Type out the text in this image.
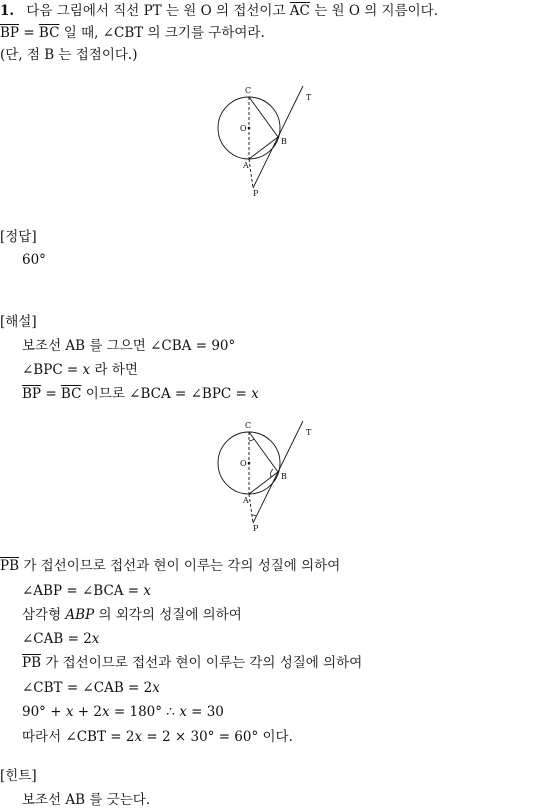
1. 다음 그림에서 직선 PT 는 원 O 의 접선이고 $\overline{AC}$ 는 원 O 의 지름이다.
$\overline{BP} = \overline{BC}$ 일 때, ∠CBT 의 크기를 구하여라.
(단, 점 B 는 접점이다.)
C
O
A
B
T
P
[정답]
60°
[해설]
보조선 AB 를 그으면 ∠CBA = 90°
∠BPC = x 라 하면
$\overline{BP} = \overline{BC}$ 이므로 ∠BCA = ∠BPC = x
C
O
A
B
T
P
$\overline{PB}$ 가 접선이므로 접선과 현이 이루는 각의 성질에 의하여
∠ABP = ∠BCA = x
삼각형 ABP 의 외각의 성질에 의하여
∠CAB = 2x
$\overline{PB}$ 가 접선이므로 접선과 현이 이루는 각의 성질에 의하여
∠CBT = ∠CAB = 2x
90° + x + 2x = 180° ∴ x = 30
따라서 ∠CBT = 2x = 2 × 30° = 60° 이다.
[힌트]
보조선 AB 를 긋는다.
